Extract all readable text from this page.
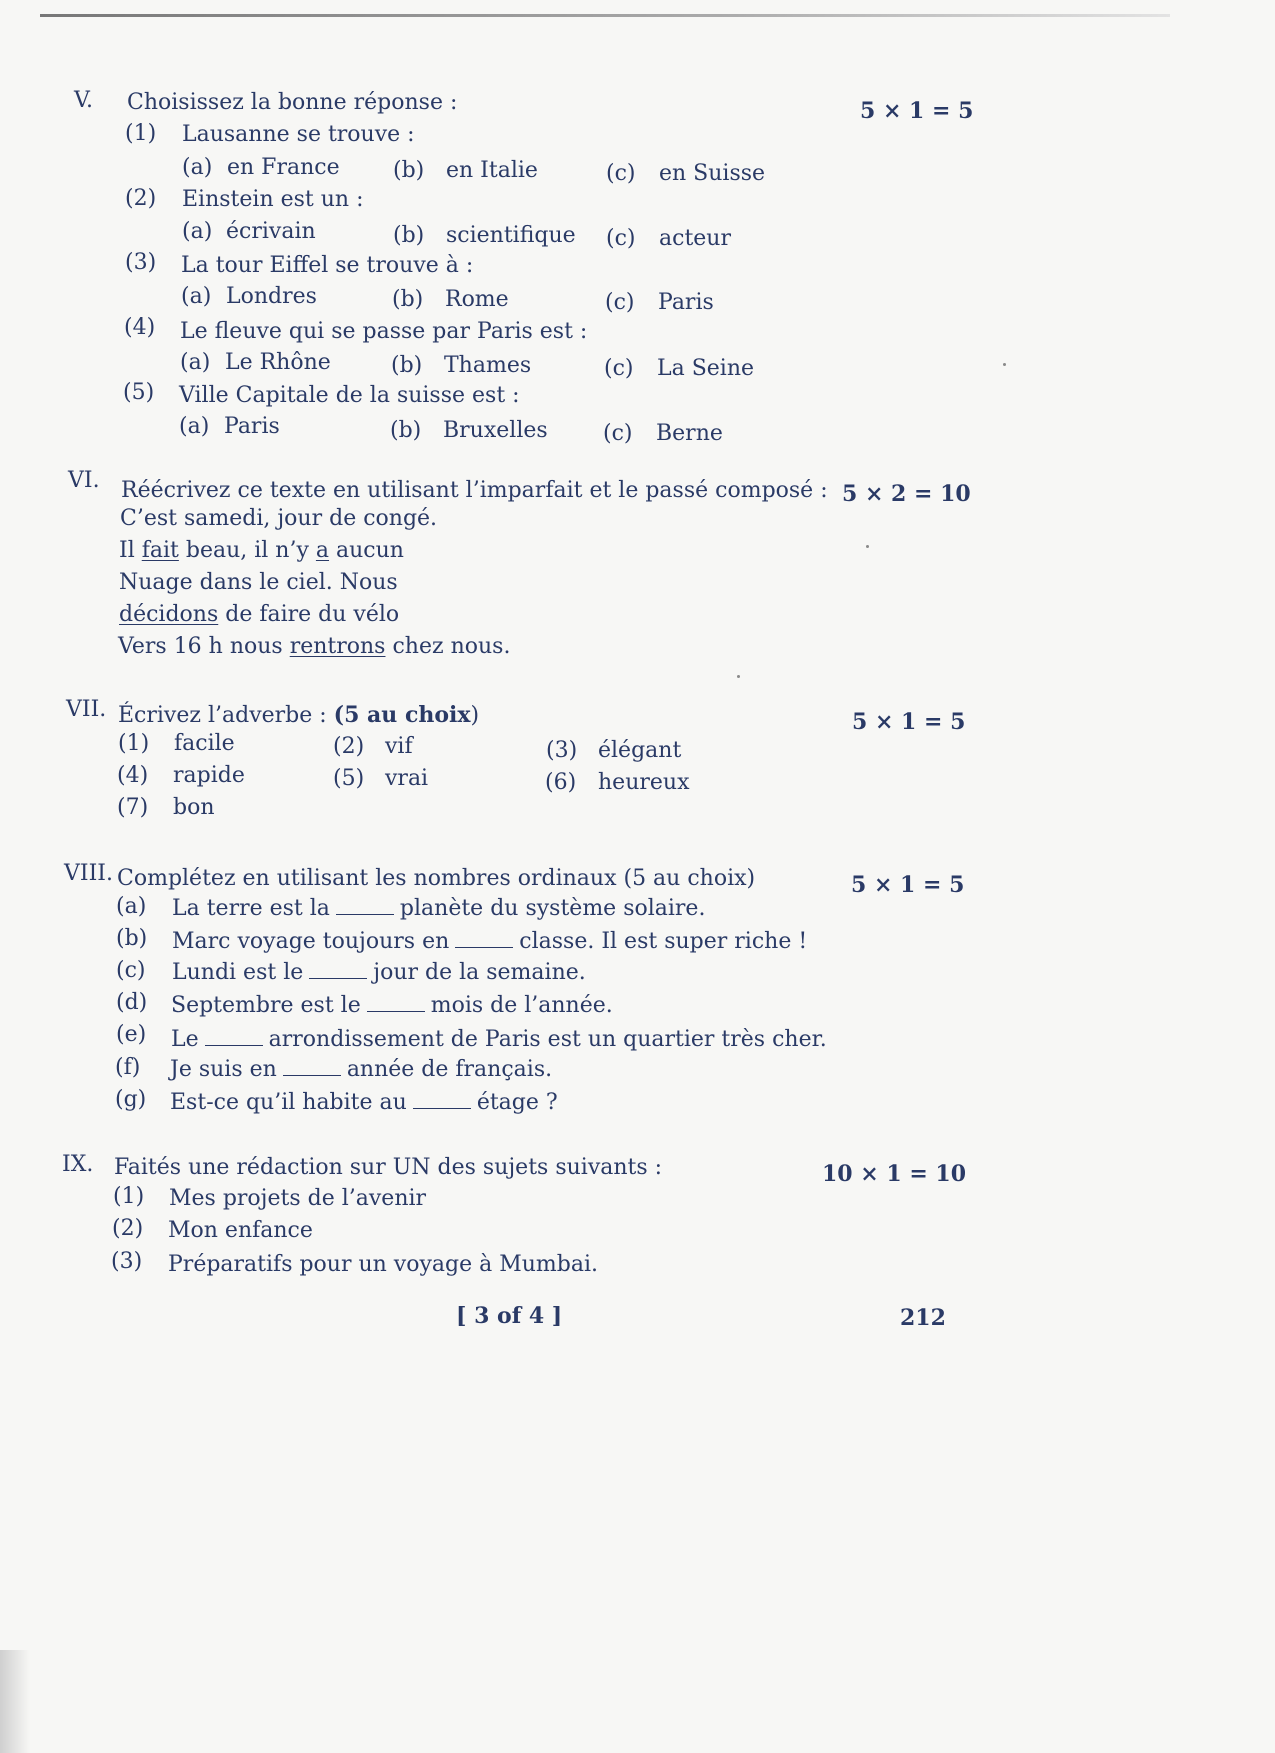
V. Choisissez la bonne réponse :	5 × 1 = 5
(1) Lausanne se trouve :
(a) en France (b) en Italie	(c) en Suisse
(2) Einstein est un :
(a) écrivain	(b) scientifique (c) acteur
(3) La tour Eiffel se trouve à :
(a) Londres	(b) Rome	(c) Paris
(4) Le fleuve qui se passe par Paris est :
(a) Le Rhône	(b) Thames	(c) La Seine
(5) Ville Capitale de la suisse est :
(a) Paris	(b) Bruxelles	(c) Berne
VI. Réécrivez ce texte en utilisant l’imparfait et le passé composé : 5 × 2 = 10
C’est samedi, jour de congé.
Il fait beau, il n’y a aucun
Nuage dans le ciel. Nous
décidons de faire du vélo
Vers 16 h nous rentrons chez nous.
VII. Écrivez l’adverbe : (5 au choix)	5 × 1 = 5
(1) facile	(2) vif	(3) élégant
(4) rapide	(5) vrai	(6) heureux
(7) bon
VIII. Complétez en utilisant les nombres ordinaux (5 au choix)	5 × 1 = 5
(a) La terre est la	planète du système solaire.
(b) Marc voyage toujours en	classe. Il est super riche !
(c) Lundi est le	jour de la semaine.
(d) Septembre est le	mois de l’année.
(e) Le	arrondissement de Paris est un quartier très cher.
(f) Je suis en	année de français.
(g) Est-ce qu’il habite au	étage ?
IX. Faités une rédaction sur UN des sujets suivants :	10 × 1 = 10
(1) Mes projets de l’avenir
(2) Mon enfance
(3) Préparatifs pour un voyage à Mumbai.
[ 3 of 4 ]	212
